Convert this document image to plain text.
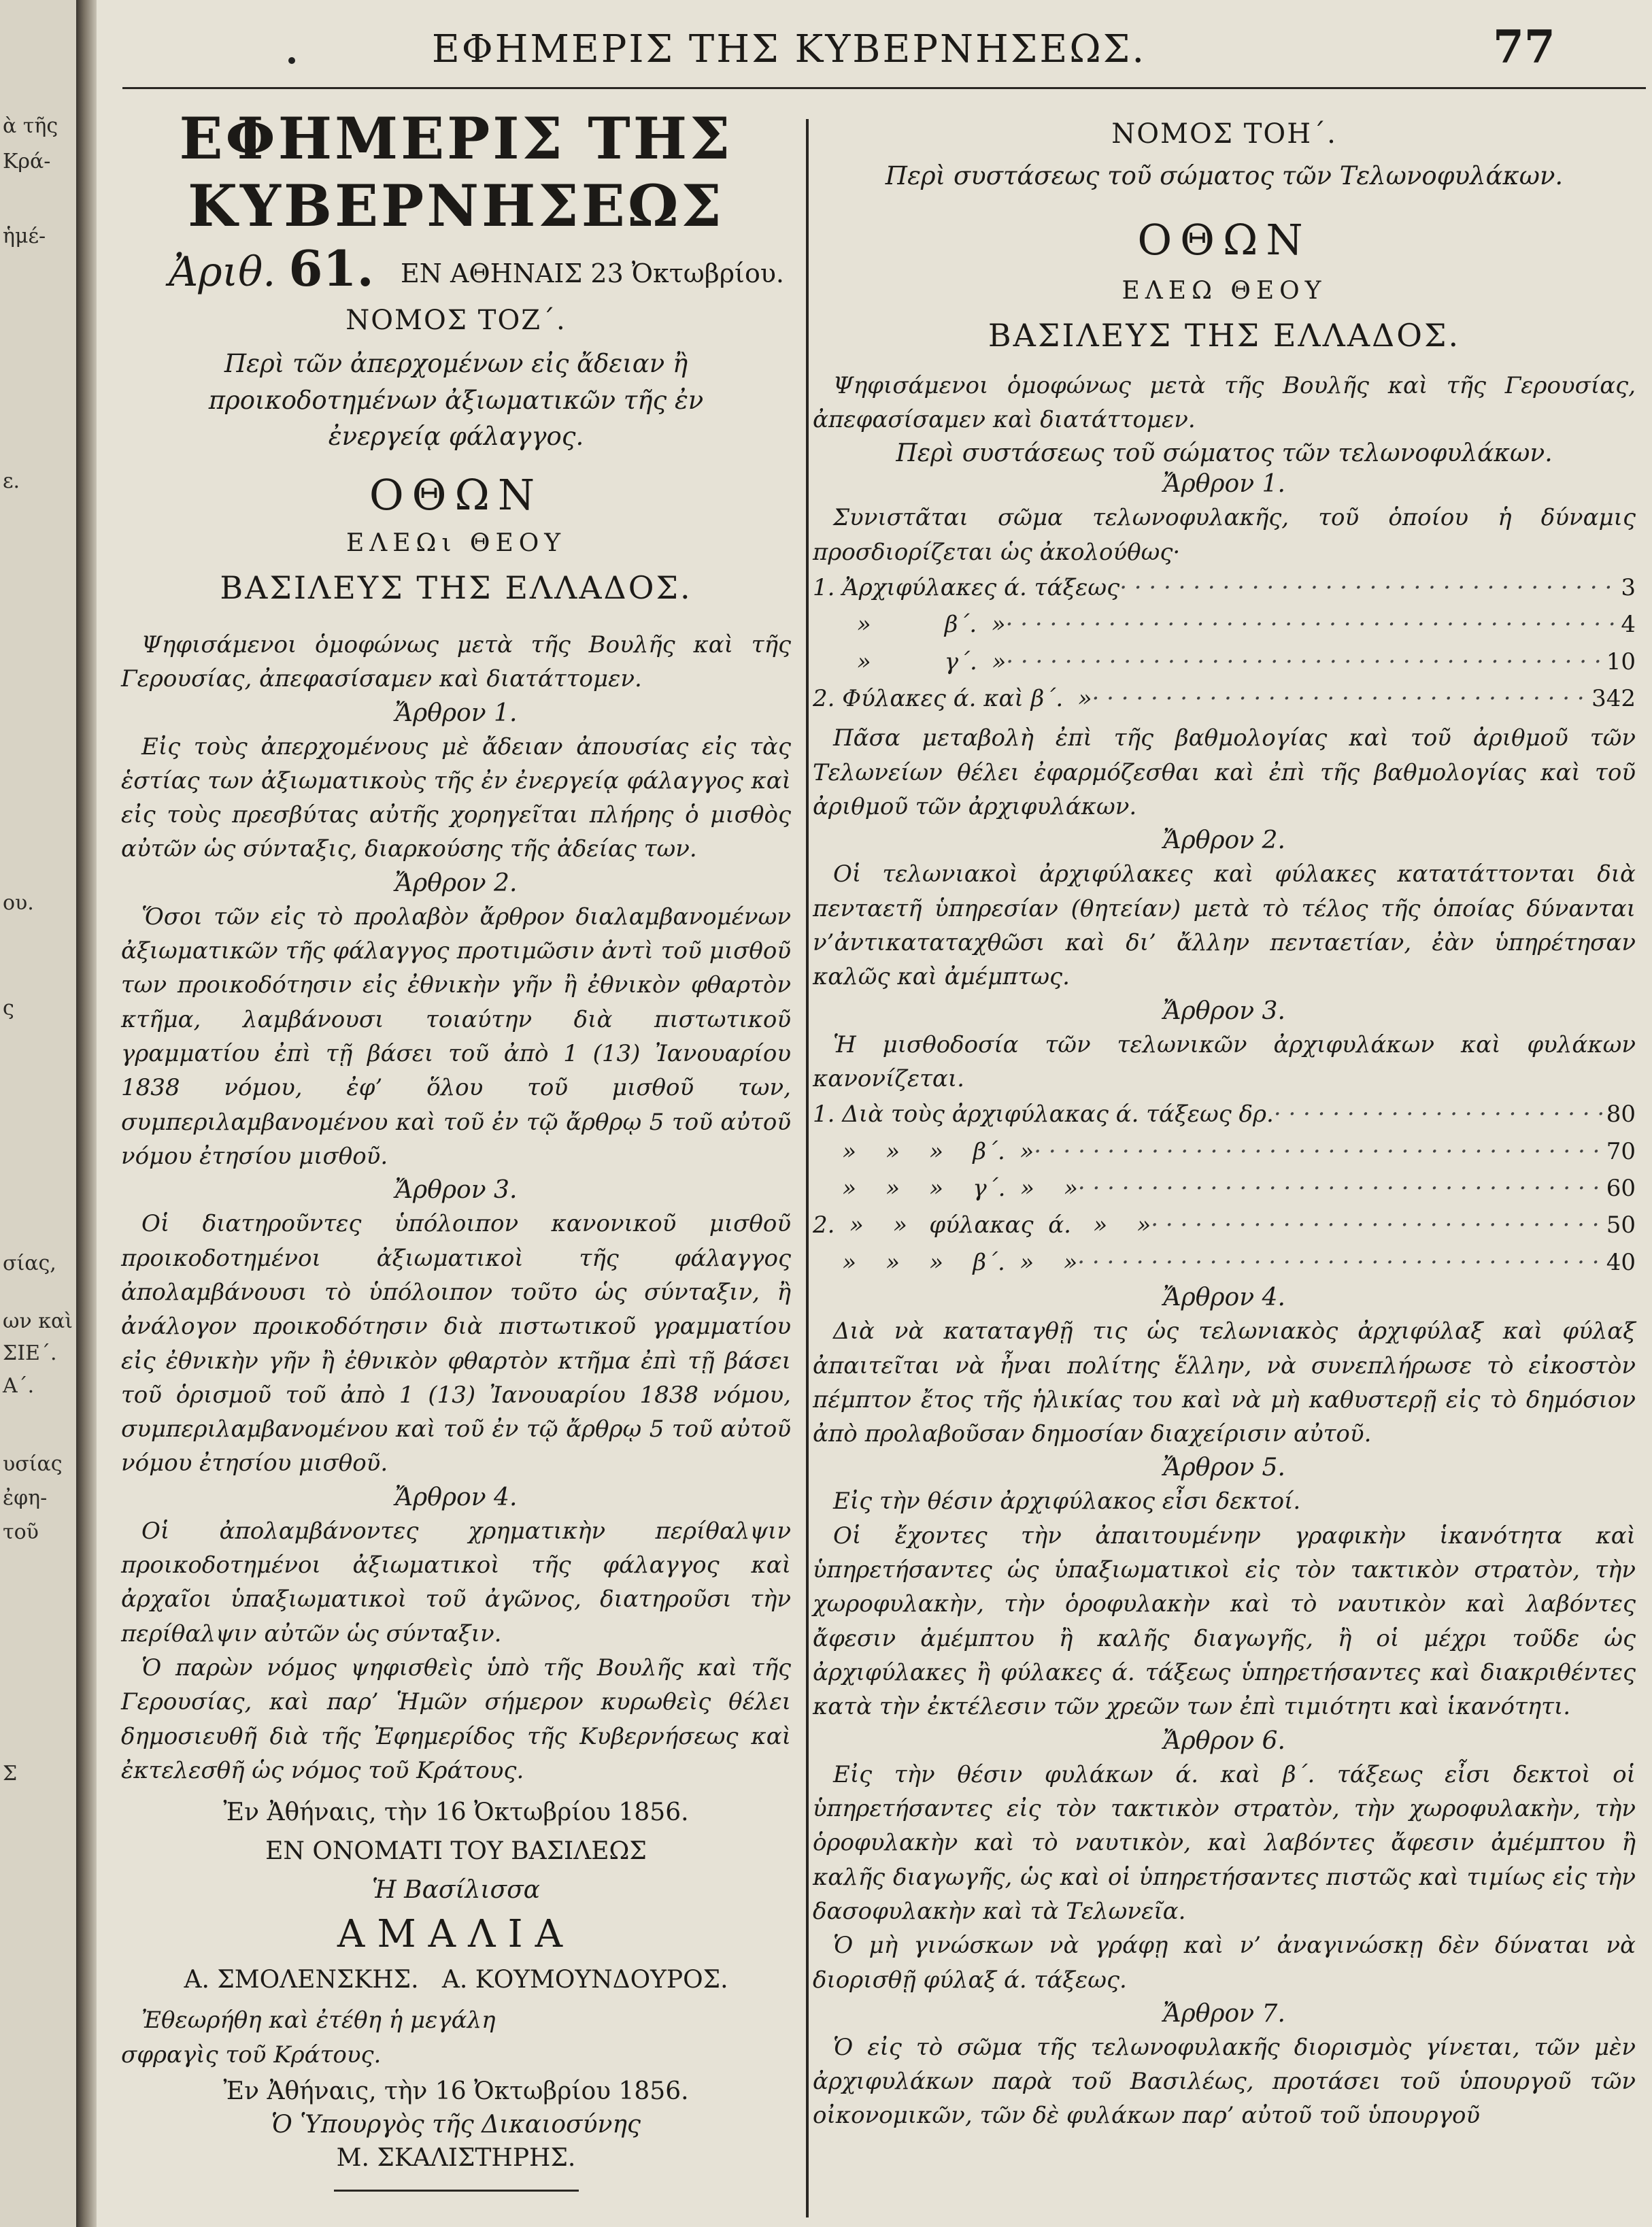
ὰ τῆς
Κρά-
ἡμέ-
ε.
ου.
ς
σίας,
ων καὶ
ΣΙΕ΄.
Α΄.
υσίας
ἐφη-
τοῦ
Σ
ΕΦΗΜΕΡΙΣ ΤΗΣ ΚΥΒΕΡΝΗΣΕΩΣ.	77
ΕΦΗΜΕΡΙΣ ΤΗΣ ΚΥΒΕΡΝΗΣΕΩΣ
Ἀριθ. 61. ΕΝ ΑΘΗΝΑΙΣ 23 Ὀκτωβρίου.
ΝΟΜΟΣ ΤΟΖ΄.
Περὶ τῶν ἀπερχομένων εἰς ἄδειαν ἢ προικοδοτημένων ἀξιωματικῶν τῆς ἐν ἐνεργείᾳ φάλαγγος.
ΟΘΩΝ
ΕΛΕΩι ΘΕΟΥ
ΒΑΣΙΛΕΥΣ ΤΗΣ ΕΛΛΑΔΟΣ.

Ψηφισάμενοι ὁμοφώνως μετὰ τῆς Βουλῆς καὶ τῆς Γερουσίας, ἀπεφασίσαμεν καὶ διατάττομεν.

Ἄρθρον 1.

Εἰς τοὺς ἀπερχομένους μὲ ἄδειαν ἀπουσίας εἰς τὰς ἑστίας των ἀξιωματικοὺς τῆς ἐν ἐνεργείᾳ φάλαγγος καὶ εἰς τοὺς πρεσβύτας αὐτῆς χορηγεῖται πλήρης ὁ μισθὸς αὐτῶν ὡς σύνταξις, διαρκούσης τῆς ἀδείας των.

Ἄρθρον 2.

Ὅσοι τῶν εἰς τὸ προλαβὸν ἄρθρον διαλαμβανομένων ἀξιωματικῶν τῆς φάλαγγος προτιμῶσιν ἀντὶ τοῦ μισθοῦ των προικοδότησιν εἰς ἐθνικὴν γῆν ἢ ἐθνικὸν φθαρτὸν κτῆμα, λαμβάνουσι τοιαύτην διὰ πιστωτικοῦ γραμματίου ἐπὶ τῇ βάσει τοῦ ἀπὸ 1 (13) Ἰανουαρίου 1838 νόμου, ἐφ’ ὅλου τοῦ μισθοῦ των, συμπεριλαμβανομένου καὶ τοῦ ἐν τῷ ἄρθρῳ 5 τοῦ αὐτοῦ νόμου ἐτησίου μισθοῦ.

Ἄρθρον 3.

Οἱ διατηροῦντες ὑπόλοιπον κανονικοῦ μισθοῦ προικοδοτημένοι ἀξιωματικοὶ τῆς φάλαγγος ἀπολαμβάνουσι τὸ ὑπόλοιπον τοῦτο ὡς σύνταξιν, ἢ ἀνάλογον προικοδότησιν διὰ πιστωτικοῦ γραμματίου εἰς ἐθνικὴν γῆν ἢ ἐθνικὸν φθαρτὸν κτῆμα ἐπὶ τῇ βάσει τοῦ ὁρισμοῦ τοῦ ἀπὸ 1 (13) Ἰανουαρίου 1838 νόμου, συμπεριλαμβανομένου καὶ τοῦ ἐν τῷ ἄρθρῳ 5 τοῦ αὐτοῦ νόμου ἐτησίου μισθοῦ.

Ἄρθρον 4.

Οἱ ἀπολαμβάνοντες χρηματικὴν περίθαλψιν προικοδοτημένοι ἀξιωματικοὶ τῆς φάλαγγος καὶ ἀρχαῖοι ὑπαξιωματικοὶ τοῦ ἀγῶνος, διατηροῦσι τὴν περίθαλψιν αὐτῶν ὡς σύνταξιν.

Ὁ παρὼν νόμος ψηφισθεὶς ὑπὸ τῆς Βουλῆς καὶ τῆς Γερουσίας, καὶ παρ’ Ἡμῶν σήμερον κυρωθεὶς θέλει δημοσιευθῆ διὰ τῆς Ἐφημερίδος τῆς Κυβερνήσεως καὶ ἐκτελεσθῆ ὡς νόμος τοῦ Κράτους.

Ἐν Ἀθήναις, τὴν 16 Ὀκτωβρίου 1856.
ΕΝ ΟΝΟΜΑΤΙ ΤΟΥ ΒΑΣΙΛΕΩΣ
Ἡ Βασίλισσα
ΑΜΑΛΙΑ
Α. ΣΜΟΛΕΝΣΚΗΣ.   Α. ΚΟΥΜΟΥΝΔΟΥΡΟΣ.

Ἐθεωρήθη καὶ ἐτέθη ἡ μεγάλη σφραγὶς τοῦ Κράτους.

Ἐν Ἀθήναις, τὴν 16 Ὀκτωβρίου 1856.
Ὁ Ὑπουργὸς τῆς Δικαιοσύνης
Μ. ΣΚΑΛΙΣΤΗΡΗΣ.
ΝΟΜΟΣ ΤΟΗ΄.
Περὶ συστάσεως τοῦ σώματος τῶν Τελωνοφυλάκων.
ΟΘΩΝ
ΕΛΕΩ ΘΕΟΥ
ΒΑΣΙΛΕΥΣ ΤΗΣ ΕΛΛΑΔΟΣ.

Ψηφισάμενοι ὁμοφώνως μετὰ τῆς Βουλῆς καὶ τῆς Γερουσίας, ἀπεφασίσαμεν καὶ διατάττομεν.

Περὶ συστάσεως τοῦ σώματος τῶν τελωνοφυλάκων.
Ἄρθρον 1.

Συνιστᾶται σῶμα τελωνοφυλακῆς, τοῦ ὁποίου ἡ δύναμις προσδιορίζεται ὡς ἀκολούθως·

1. Ἀρχιφύλακες ά. τάξεως · · ·	3
»          β΄.  » · · ·	4
»          γ΄.  » · · ·	10
2. Φύλακες ά. καὶ β΄.  » · · ·	342

Πᾶσα μεταβολὴ ἐπὶ τῆς βαθμολογίας καὶ τοῦ ἀριθμοῦ τῶν Τελωνείων θέλει ἐφαρμόζεσθαι καὶ ἐπὶ τῆς βαθμολογίας καὶ τοῦ ἀριθμοῦ τῶν ἀρχιφυλάκων.

Ἄρθρον 2.

Οἱ τελωνιακοὶ ἀρχιφύλακες καὶ φύλακες κατατάττονται διὰ πενταετῆ ὑπηρεσίαν (θητείαν) μετὰ τὸ τέλος τῆς ὁποίας δύνανται ν’ἀντικαταταχθῶσι καὶ δι’ ἄλλην πενταετίαν, ἐὰν ὑπηρέτησαν καλῶς καὶ ἀμέμπτως.

Ἄρθρον 3.

Ἡ μισθοδοσία τῶν τελωνικῶν ἀρχιφυλάκων καὶ φυλάκων κανονίζεται.

1. Διὰ τοὺς ἀρχιφύλακας ά. τάξεως δρ. · · ·	80
»    »    »    β΄.  » · · ·	70
»    »    »    γ΄.  »    » · · ·	60
2.  »    »   φύλακας  ά.   »    » · · ·	50
»    »    »    β΄.  »    » · · ·	40
Ἄρθρον 4.

Διὰ νὰ καταταγθῇ τις ὡς τελωνιακὸς ἀρχιφύλαξ καὶ φύλαξ ἀπαιτεῖται νὰ ἦναι πολίτης ἕλλην, νὰ συνεπλήρωσε τὸ εἰκοστὸν πέμπτον ἔτος τῆς ἡλικίας του καὶ νὰ μὴ καθυστερῇ εἰς τὸ δημόσιον ἀπὸ προλαβοῦσαν δημοσίαν διαχείρισιν αὐτοῦ.

Ἄρθρον 5.

Εἰς τὴν θέσιν ἀρχιφύλακος εἶσι δεκτοί.

Οἱ ἔχοντες τὴν ἀπαιτουμένην γραφικὴν ἱκανότητα καὶ ὑπηρετήσαντες ὡς ὑπαξιωματικοὶ εἰς τὸν τακτικὸν στρατὸν, τὴν χωροφυλακὴν, τὴν ὁροφυλακὴν καὶ τὸ ναυτικὸν καὶ λαβόντες ἄφεσιν ἀμέμπτου ἢ καλῆς διαγωγῆς, ἢ οἱ μέχρι τοῦδε ὡς ἀρχιφύλακες ἢ φύλακες ά. τάξεως ὑπηρετήσαντες καὶ διακριθέντες κατὰ τὴν ἐκτέλεσιν τῶν χρεῶν των ἐπὶ τιμιότητι καὶ ἱκανότητι.

Ἄρθρον 6.

Εἰς τὴν θέσιν φυλάκων ά. καὶ β΄. τάξεως εἶσι δεκτοὶ οἱ ὑπηρετήσαντες εἰς τὸν τακτικὸν στρατὸν, τὴν χωροφυλακὴν, τὴν ὁροφυλακὴν καὶ τὸ ναυτικὸν, καὶ λαβόντες ἄφεσιν ἀμέμπτου ἢ καλῆς διαγωγῆς, ὡς καὶ οἱ ὑπηρετήσαντες πιστῶς καὶ τιμίως εἰς τὴν δασοφυλακὴν καὶ τὰ Τελωνεῖα.

Ὁ μὴ γινώσκων νὰ γράφῃ καὶ ν’ ἀναγινώσκῃ δὲν δύναται νὰ διορισθῇ φύλαξ ά. τάξεως.

Ἄρθρον 7.

Ὁ εἰς τὸ σῶμα τῆς τελωνοφυλακῆς διορισμὸς γίνεται, τῶν μὲν ἀρχιφυλάκων παρὰ τοῦ Βασιλέως, προτάσει τοῦ ὑπουργοῦ τῶν οἰκονομικῶν, τῶν δὲ φυλάκων παρ’ αὐτοῦ τοῦ ὑπουργοῦ
